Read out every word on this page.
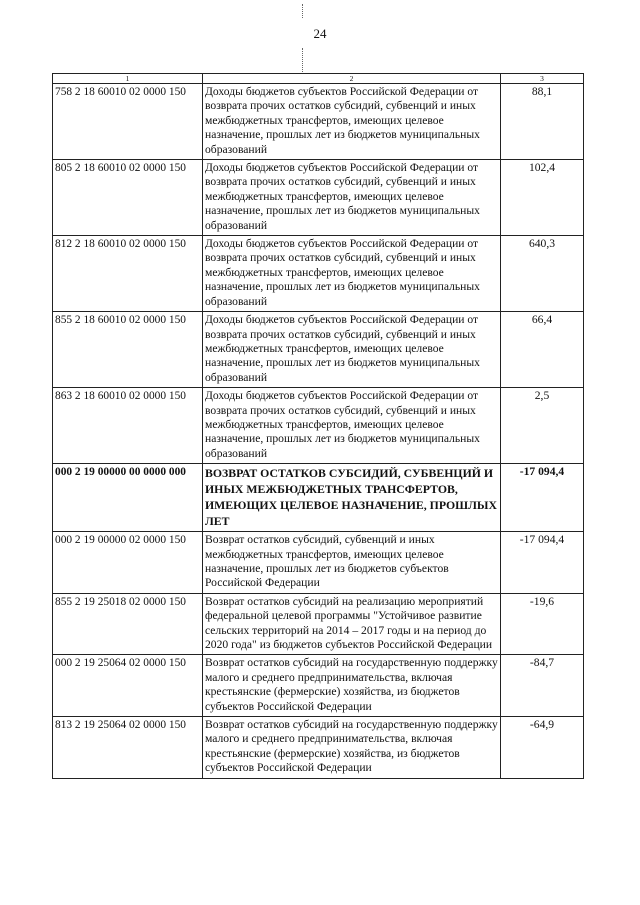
24
1	2	3
758 2 18 60010 02 0000 150	Доходы бюджетов субъектов Российской Федерации от возврата прочих остатков субсидий, субвенций и иных межбюджетных трансфертов, имеющих целевое назначение, прошлых лет из бюджетов муниципальных образований	88,1
805 2 18 60010 02 0000 150	Доходы бюджетов субъектов Российской Федерации от возврата прочих остатков субсидий, субвенций и иных межбюджетных трансфертов, имеющих целевое назначение, прошлых лет из бюджетов муниципальных образований	102,4
812 2 18 60010 02 0000 150	Доходы бюджетов субъектов Российской Федерации от возврата прочих остатков субсидий, субвенций и иных межбюджетных трансфертов, имеющих целевое назначение, прошлых лет из бюджетов муниципальных образований	640,3
855 2 18 60010 02 0000 150	Доходы бюджетов субъектов Российской Федерации от возврата прочих остатков субсидий, субвенций и иных межбюджетных трансфертов, имеющих целевое назначение, прошлых лет из бюджетов муниципальных образований	66,4
863 2 18 60010 02 0000 150	Доходы бюджетов субъектов Российской Федерации от возврата прочих остатков субсидий, субвенций и иных межбюджетных трансфертов, имеющих целевое назначение, прошлых лет из бюджетов муниципальных образований	2,5
000 2 19 00000 00 0000 000	ВОЗВРАТ ОСТАТКОВ СУБСИДИЙ, СУБВЕНЦИЙ И ИНЫХ МЕЖБЮДЖЕТНЫХ ТРАНСФЕРТОВ, ИМЕЮЩИХ ЦЕЛЕВОЕ НАЗНАЧЕНИЕ, ПРОШЛЫХ ЛЕТ	-17 094,4
000 2 19 00000 02 0000 150	Возврат остатков субсидий, субвенций и иных межбюджетных трансфертов, имеющих целевое назначение, прошлых лет из бюджетов субъектов Российской Федерации	-17 094,4
855 2 19 25018 02 0000 150	Возврат остатков субсидий на реализацию мероприятий федеральной целевой программы "Устойчивое развитие сельских территорий на 2014 – 2017 годы и на период до 2020 года" из бюджетов субъектов Российской Федерации	-19,6
000 2 19 25064 02 0000 150	Возврат остатков субсидий на государственную поддержку малого и среднего предпринимательства, включая крестьянские (фермерские) хозяйства, из бюджетов субъектов Российской Федерации	-84,7
813 2 19 25064 02 0000 150	Возврат остатков субсидий на государственную поддержку малого и среднего предпринимательства, включая крестьянские (фермерские) хозяйства, из бюджетов субъектов Российской Федерации	-64,9
